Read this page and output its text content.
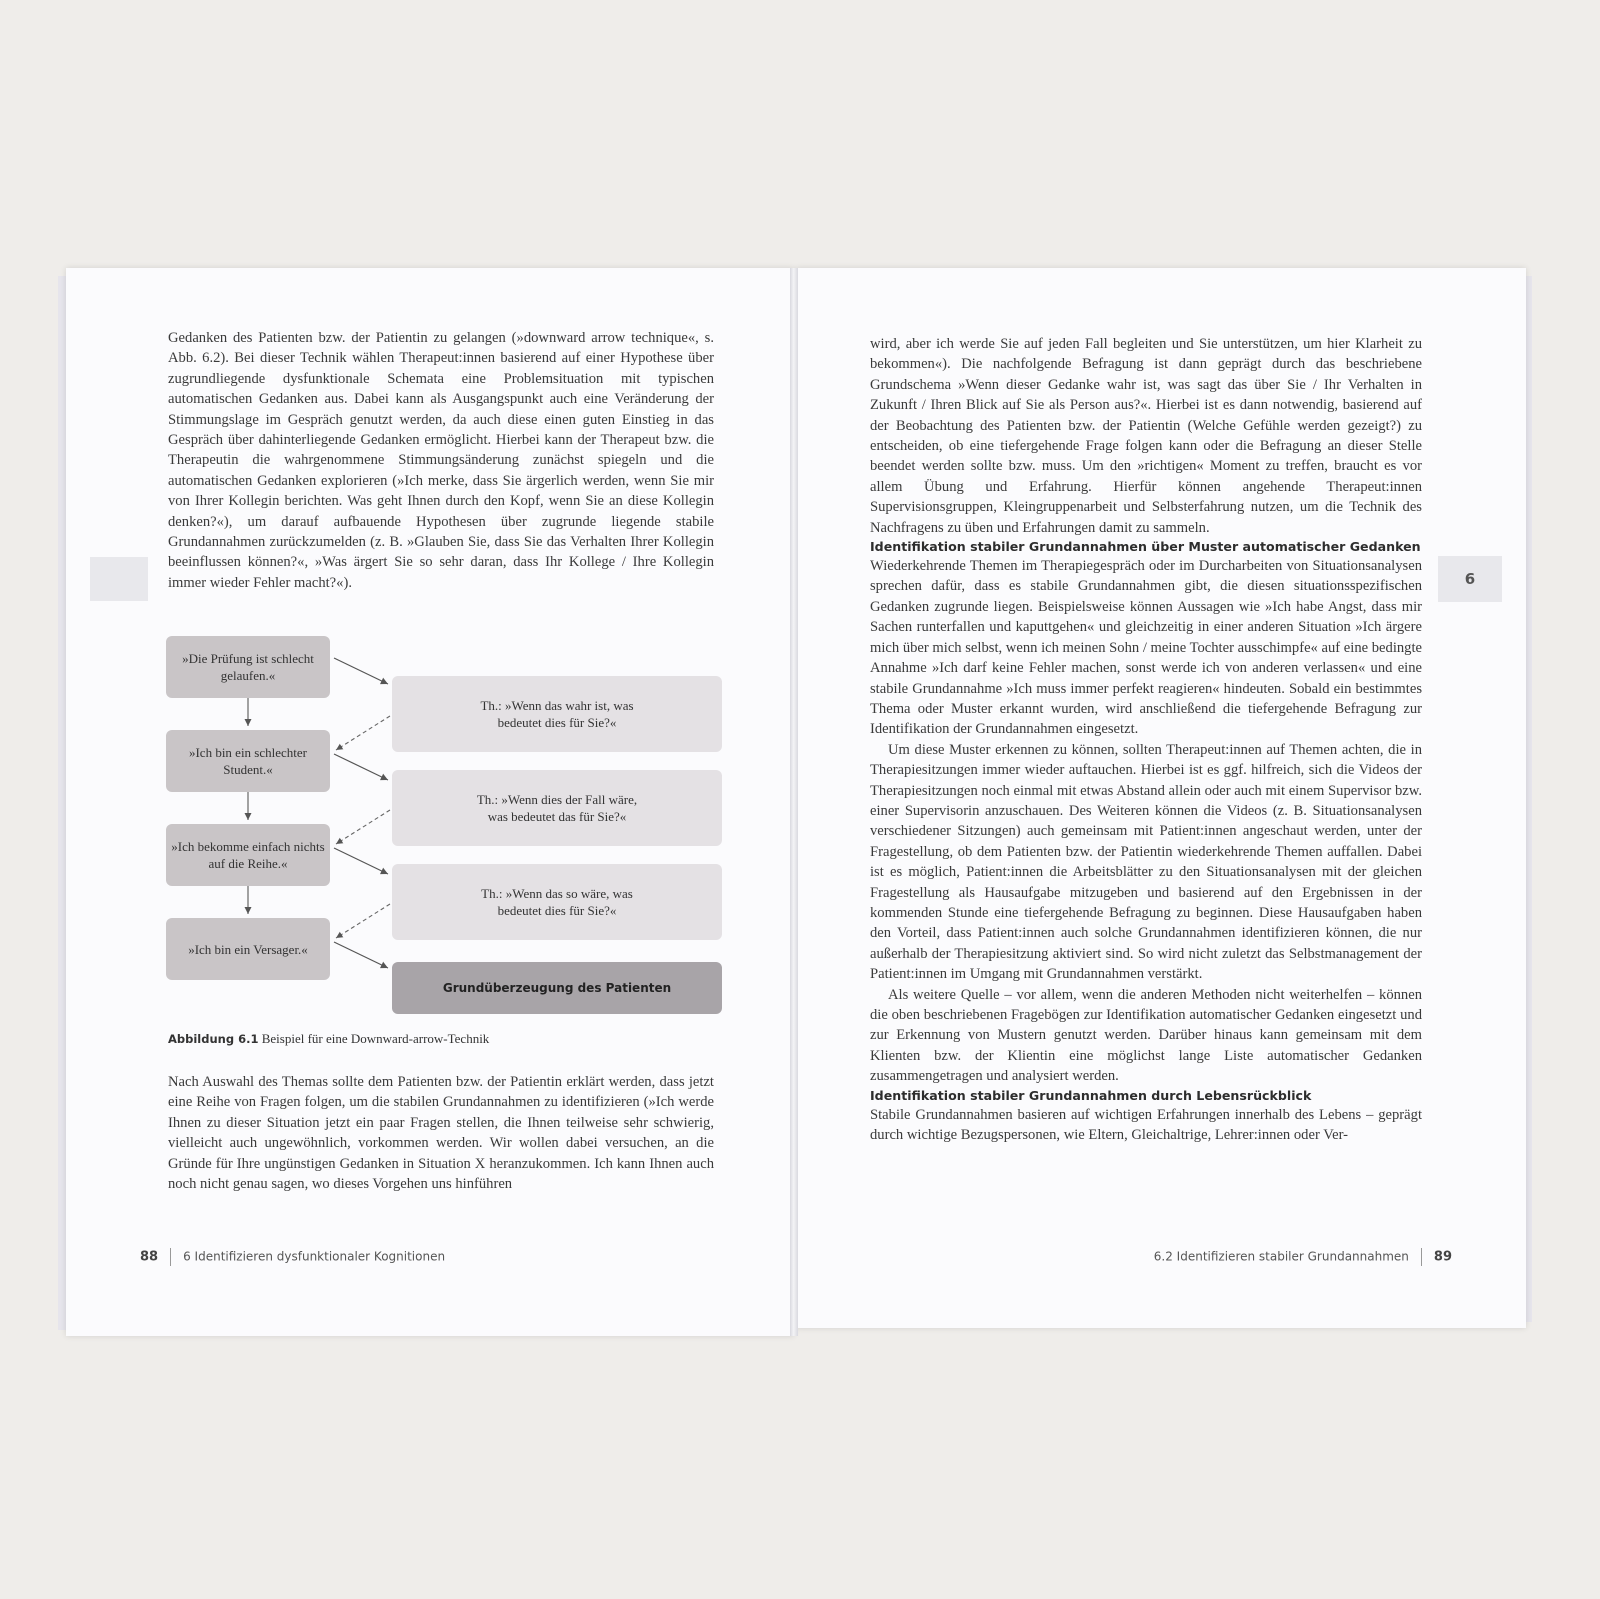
Gedanken des Patienten bzw. der Patientin zu gelangen (»downward arrow technique«, s. Abb. 6.2). Bei dieser Technik wählen Therapeut:innen basierend auf einer Hypothese über zugrundliegende dysfunktionale Schemata eine Problemsituation mit typischen automatischen Gedanken aus. Dabei kann als Ausgangspunkt auch eine Veränderung der Stimmungslage im Gespräch genutzt werden, da auch diese einen guten Einstieg in das Gespräch über dahinterliegende Gedanken ermöglicht. Hierbei kann der Therapeut bzw. die Therapeutin die wahrgenommene Stimmungsänderung zunächst spiegeln und die automatischen Gedanken explorieren (»Ich merke, dass Sie ärgerlich werden, wenn Sie mir von Ihrer Kollegin berichten. Was geht Ihnen durch den Kopf, wenn Sie an diese Kollegin denken?«), um darauf aufbauende Hypothesen über zugrunde liegende stabile Grundannahmen zurückzumelden (z. B. »Glauben Sie, dass Sie das Verhalten Ihrer Kollegin beeinflussen können?«, »Was ärgert Sie so sehr daran, dass Ihr Kollege / Ihre Kollegin immer wieder Fehler macht?«).

»Die Prüfung ist schlecht gelaufen.«
»Ich bin ein schlechter Student.«
»Ich bekomme einfach nichts auf die Reihe.«
»Ich bin ein Versager.«
Th.: »Wenn das wahr ist, was bedeutet dies für Sie?«
Th.: »Wenn dies der Fall wäre, was bedeutet das für Sie?«
Th.: »Wenn das so wäre, was bedeutet dies für Sie?«
Grundüberzeugung des Patienten
Abbildung 6.1 Beispiel für eine Downward-arrow-Technik

Nach Auswahl des Themas sollte dem Patienten bzw. der Patientin erklärt werden, dass jetzt eine Reihe von Fragen folgen, um die stabilen Grundannahmen zu identifizieren (»Ich werde Ihnen zu dieser Situation jetzt ein paar Fragen stellen, die Ihnen teilweise sehr schwierig, vielleicht auch ungewöhnlich, vorkommen werden. Wir wollen dabei versuchen, an die Gründe für Ihre ungünstigen Gedanken in Situation X heranzukommen. Ich kann Ihnen auch noch nicht genau sagen, wo dieses Vorgehen uns hinführen

88 6 Identifizieren dysfunktionaler Kognitionen
6

wird, aber ich werde Sie auf jeden Fall begleiten und Sie unterstützen, um hier Klarheit zu bekommen«). Die nachfolgende Befragung ist dann geprägt durch das beschriebene Grundschema »Wenn dieser Gedanke wahr ist, was sagt das über Sie / Ihr Verhalten in Zukunft / Ihren Blick auf Sie als Person aus?«. Hierbei ist es dann notwendig, basierend auf der Beobachtung des Patienten bzw. der Patientin (Welche Gefühle werden gezeigt?) zu entscheiden, ob eine tiefergehende Frage folgen kann oder die Befragung an dieser Stelle beendet werden sollte bzw. muss. Um den »richtigen« Moment zu treffen, braucht es vor allem Übung und Erfahrung. Hierfür können angehende Therapeut:innen Supervisionsgruppen, Kleingruppenarbeit und Selbsterfahrung nutzen, um die Technik des Nachfragens zu üben und Erfahrungen damit zu sammeln.

Identifikation stabiler Grundannahmen über Muster automatischer Gedanken

Wiederkehrende Themen im Therapiegespräch oder im Durcharbeiten von Situationsanalysen sprechen dafür, dass es stabile Grundannahmen gibt, die diesen situationsspezifischen Gedanken zugrunde liegen. Beispielsweise können Aussagen wie »Ich habe Angst, dass mir Sachen runterfallen und kaputtgehen« und gleichzeitig in einer anderen Situation »Ich ärgere mich über mich selbst, wenn ich meinen Sohn / meine Tochter ausschimpfe« auf eine bedingte Annahme »Ich darf keine Fehler machen, sonst werde ich von anderen verlassen« und eine stabile Grundannahme »Ich muss immer perfekt reagieren« hindeuten. Sobald ein bestimmtes Thema oder Muster erkannt wurden, wird anschließend die tiefergehende Befragung zur Identifikation der Grundannahmen eingesetzt.

Um diese Muster erkennen zu können, sollten Therapeut:innen auf Themen achten, die in Therapiesitzungen immer wieder auftauchen. Hierbei ist es ggf. hilfreich, sich die Videos der Therapiesitzungen noch einmal mit etwas Abstand allein oder auch mit einem Supervisor bzw. einer Supervisorin anzuschauen. Des Weiteren können die Videos (z. B. Situationsanalysen verschiedener Sitzungen) auch gemeinsam mit Patient:innen angeschaut werden, unter der Fragestellung, ob dem Patienten bzw. der Patientin wiederkehrende Themen auffallen. Dabei ist es möglich, Patient:innen die Arbeitsblätter zu den Situationsanalysen mit der gleichen Fragestellung als Hausaufgabe mitzugeben und basierend auf den Ergebnissen in der kommenden Stunde eine tiefergehende Befragung zu beginnen. Diese Hausaufgaben haben den Vorteil, dass Patient:innen auch solche Grundannahmen identifizieren können, die nur außerhalb der Therapiesitzung aktiviert sind. So wird nicht zuletzt das Selbstmanagement der Patient:innen im Umgang mit Grundannahmen verstärkt.

Als weitere Quelle – vor allem, wenn die anderen Methoden nicht weiterhelfen – können die oben beschriebenen Fragebögen zur Identifikation automatischer Gedanken eingesetzt und zur Erkennung von Mustern genutzt werden. Darüber hinaus kann gemeinsam mit dem Klienten bzw. der Klientin eine möglichst lange Liste automatischer Gedanken zusammengetragen und analysiert werden.

Identifikation stabiler Grundannahmen durch Lebensrückblick

Stabile Grundannahmen basieren auf wichtigen Erfahrungen innerhalb des Lebens – geprägt durch wichtige Bezugspersonen, wie Eltern, Gleichaltrige, Lehrer:innen oder Ver-

6.2 Identifizieren stabiler Grundannahmen 89
